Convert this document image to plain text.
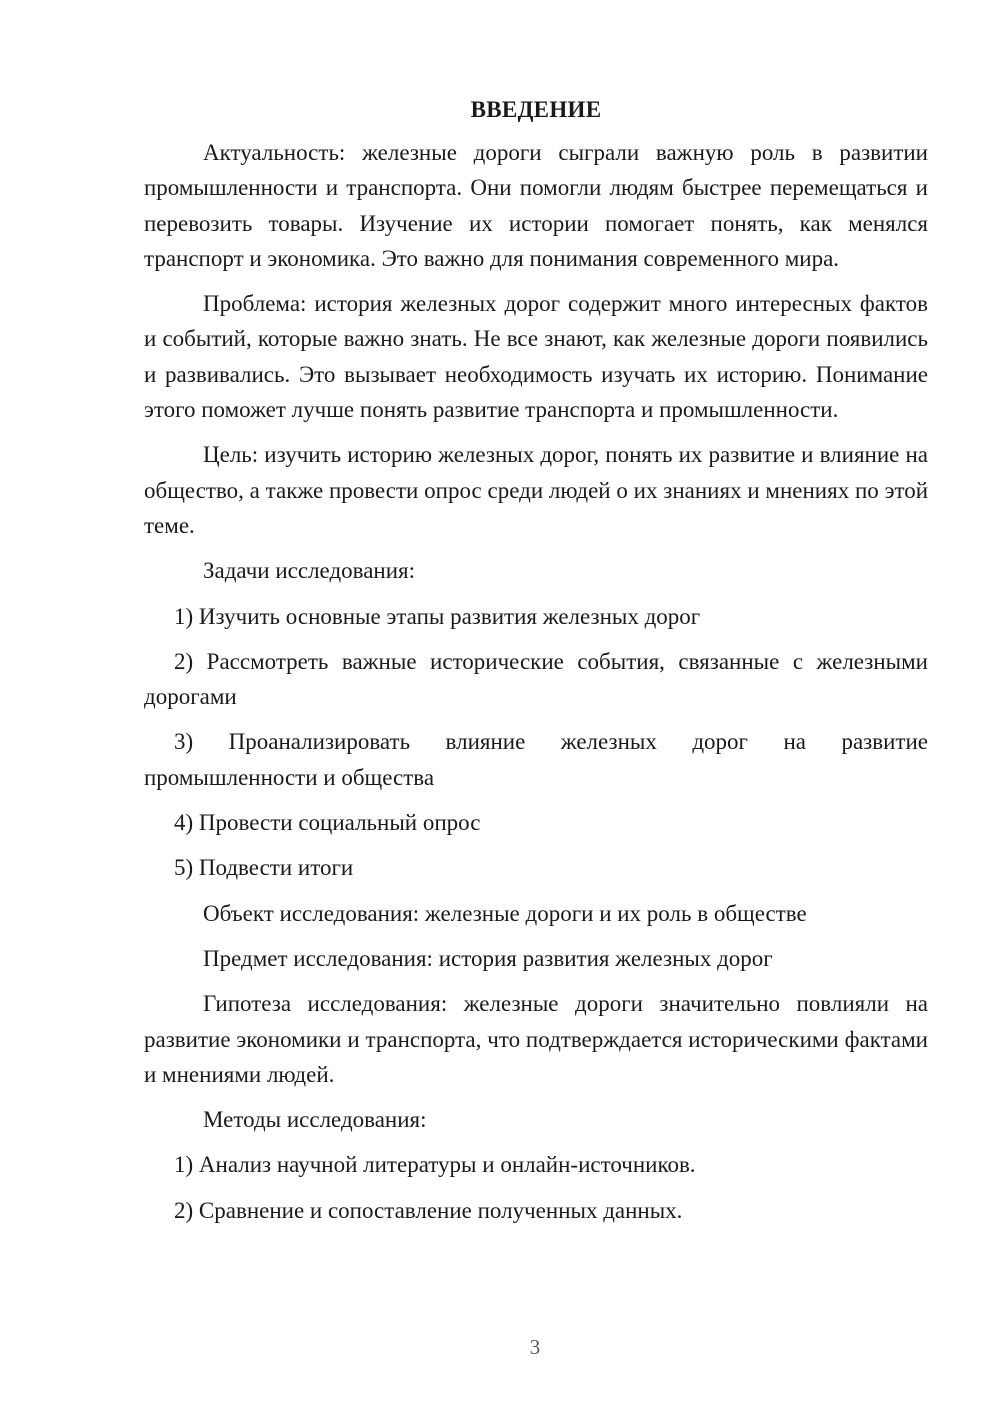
ВВЕДЕНИЕ

Актуальность: железные дороги сыграли важную роль в развитии промышленности и транспорта. Они помогли людям быстрее перемещаться и перевозить товары. Изучение их истории помогает понять, как менялся транспорт и экономика. Это важно для понимания современного мира.

Проблема: история железных дорог содержит много интересных фактов и событий, которые важно знать. Не все знают, как железные дороги появились и развивались. Это вызывает необходимость изучать их историю. Понимание этого поможет лучше понять развитие транспорта и промышленности.

Цель: изучить историю железных дорог, понять их развитие и влияние на общество, а также провести опрос среди людей о их знаниях и мнениях по этой теме.

Задачи исследования:

1) Изучить основные этапы развития железных дорог

2) Рассмотреть важные исторические события, связанные с железными дорогами

3) Проанализировать влияние железных дорог на развитие промышленности и общества

4) Провести социальный опрос

5) Подвести итоги

Объект исследования: железные дороги и их роль в обществе

Предмет исследования: история развития железных дорог

Гипотеза исследования: железные дороги значительно повлияли на развитие экономики и транспорта, что подтверждается историческими фактами и мнениями людей.

Методы исследования:

1) Анализ научной литературы и онлайн-источников.

2) Сравнение и сопоставление полученных данных.

3
